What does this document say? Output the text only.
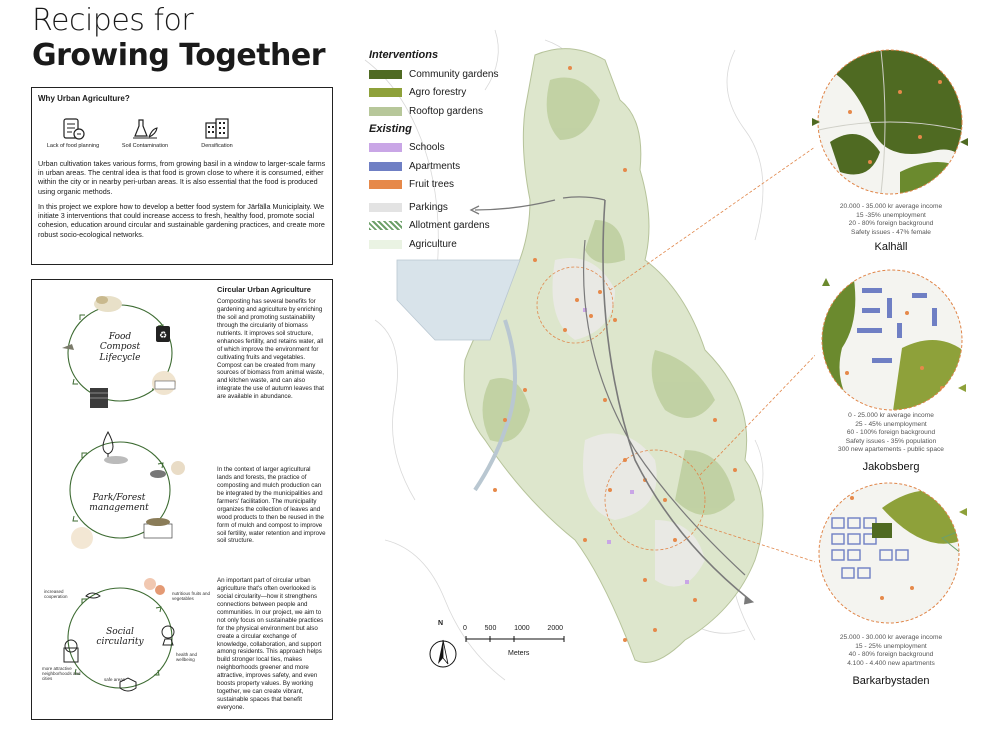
Recipes for
Growing Together
Why Urban Agriculture?
Lack of food planning	Soil Contamination	Densification

Urban cultivation takes various forms, from growing basil in a window to larger-scale farms in urban areas. The central idea is that food is grown close to where it is consumed, either within the city or in nearby peri-urban areas. It is also essential that the food is produced using organic methods.

In this project we explore how to develop a better food system for Järfälla Municiplaity. We initiate 3 interventions that could increase access to fresh, healthy food, promote social cohesion, education around circular and sustainable gardening practices, and create more robust socio-ecological networks.

Circular Urban Agriculture
Composting has several benefits for gardening and agriculture by enriching the soil and promoting sustainability through the circularity of biomass nutrients. It improves soil structure, enhances fertility, and retains water, all of which improve the environment for cultivating fruits and vegetables. Compost can be created from many sources of biomass from animal waste, and kitchen waste, and can also integrate the use of autumn leaves that are available in abundance.
In the context of larger agricultural lands and forests, the practice of composting and mulch production can be integrated by the municipalities and farmers' facilitation. The municipality organizes the collection of leaves and wood products to then be reused in the form of mulch and compost to improve soil fertility, water retention and improve soil structure.
An important part of circular urban agriculture that's often overlooked is social circularity—how it strengthens connections between people and communities. In our project, we aim to not only focus on sustainable practices for the physical environment but also create a circular exchange of knowledge, collaboration, and support among residents. This approach helps build stronger local ties, makes neighborhoods greener and more attractive, improves safety, and even boosts property values. By working together, we can create vibrant, sustainable spaces that benefit everyone.
♻
Food Compost Lifecycle
Park/Forest management
Social circularity
increased cooperation
nutritious fruits and vegetables
health and wellbeing
safe areas
more attractive neighborhoods and cities
Interventions
Community gardens
Agro forestry
Rooftop gardens
Existing
Schools
Apartments
Fruit trees
Parkings
Allotment gardens
Agriculture
N
0	500	1000	2000
Meters
20.000 - 35.000 kr average income
15 -35% unemployment
20 - 80% foreign background
Safety issues - 47% female
Kalhäll
0 - 25.000 kr average income
25 - 45% unemployment
60 - 100% foreign background
Safety issues - 35% population
300 new apartements - public space
Jakobsberg
25.000 - 30.000 kr average income
15 - 25% unemployment
40 - 80% foreign background
4.100 - 4.400 new apartments
Barkarbystaden
